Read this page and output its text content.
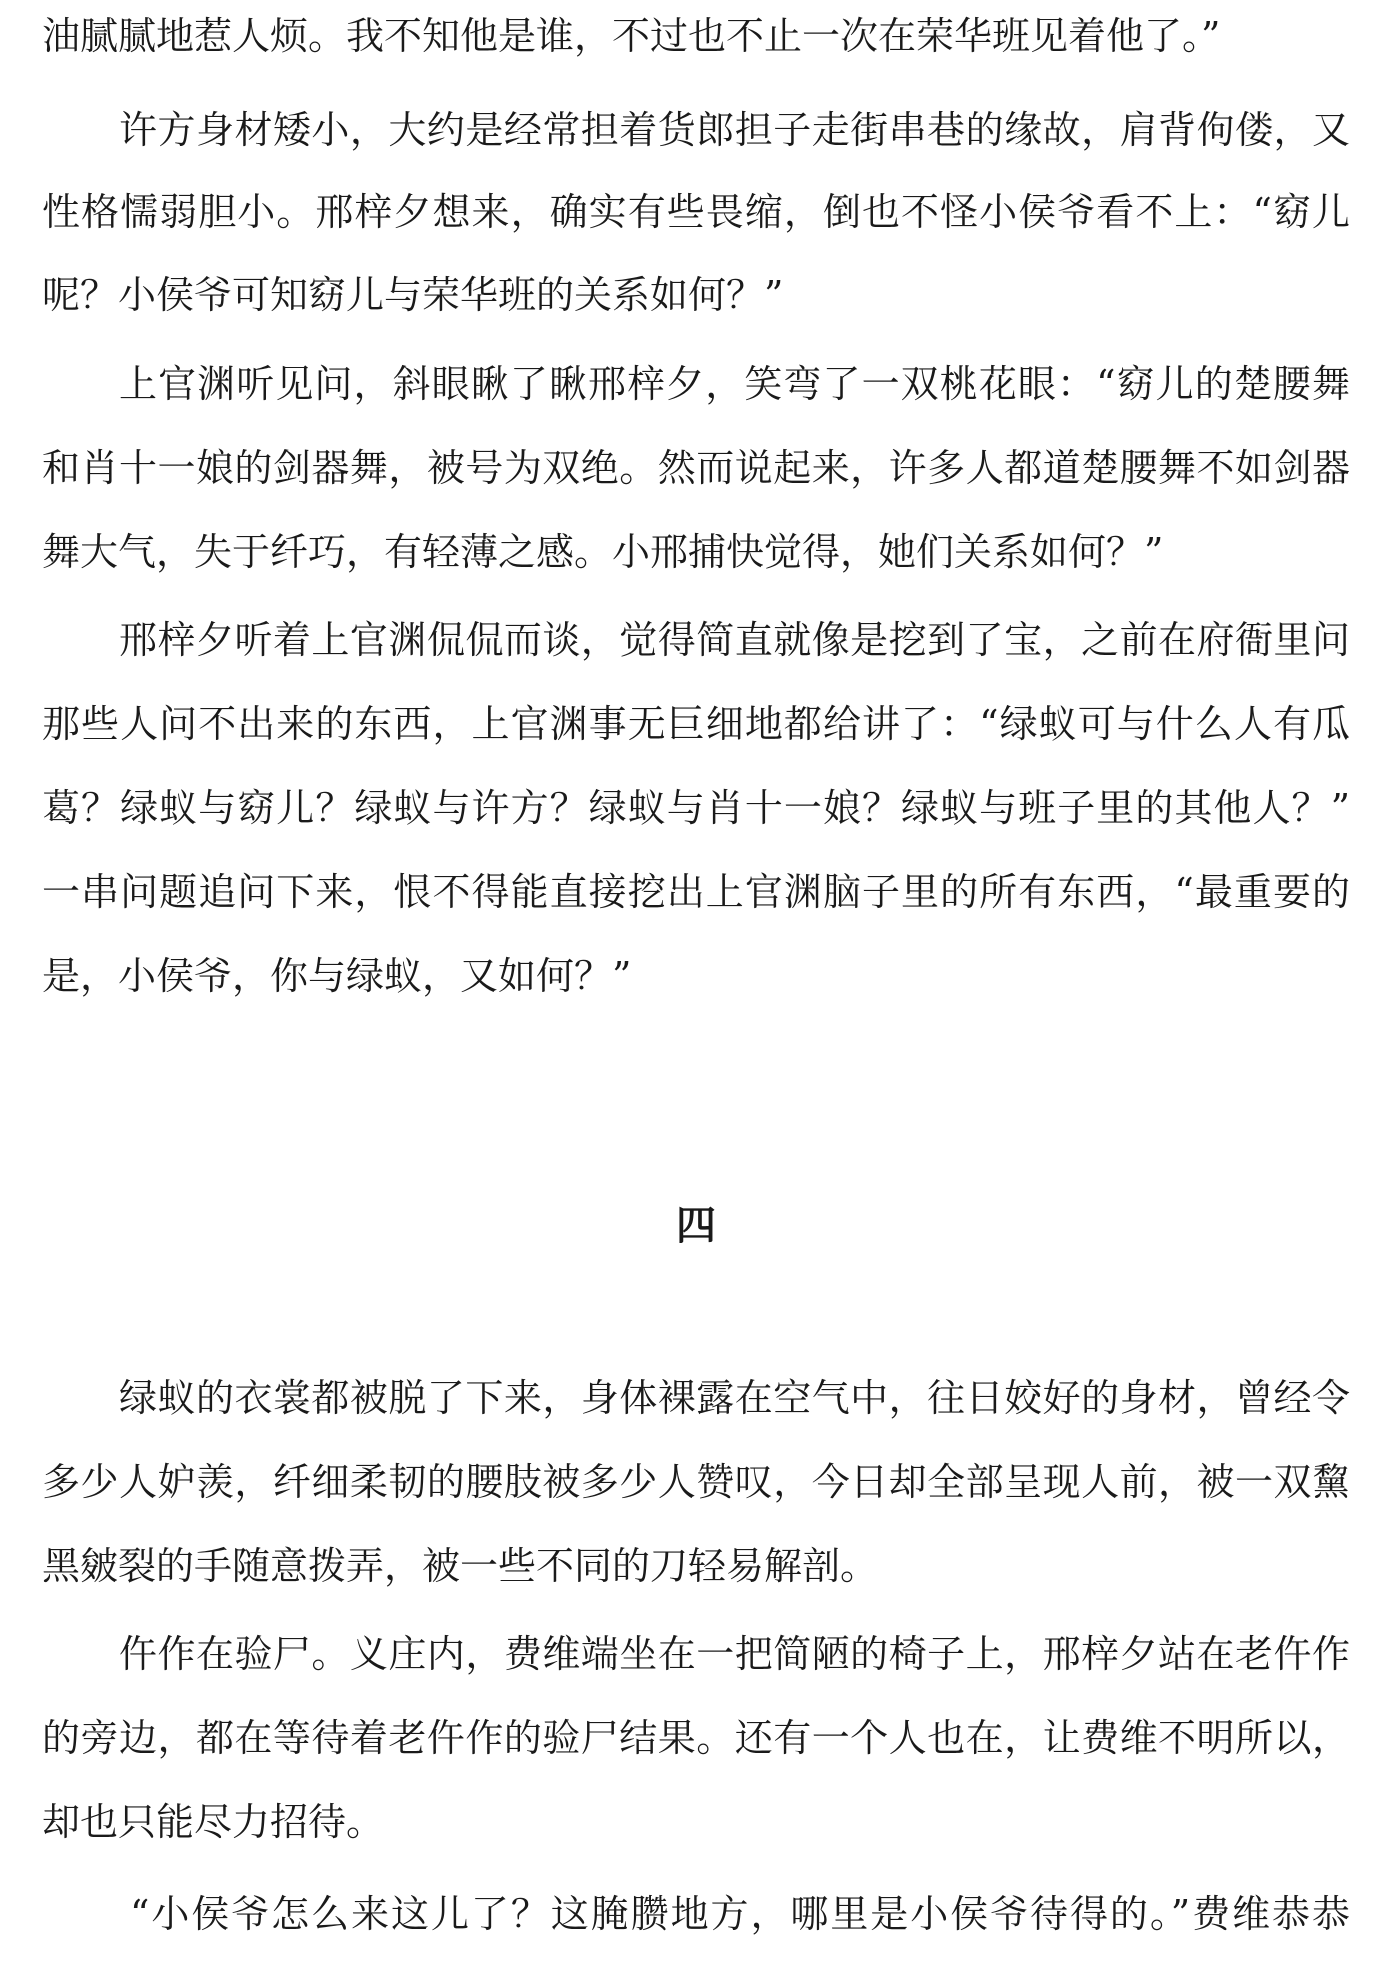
油腻腻地惹人烦。我不知他是谁，不过也不止一次在荣华班见着他了。”
许方身材矮小，大约是经常担着货郎担子走街串巷的缘故，肩背佝偻，又
性格懦弱胆小。邢梓夕想来，确实有些畏缩，倒也不怪小侯爷看不上：“窈儿
呢？小侯爷可知窈儿与荣华班的关系如何？”
上官渊听见问，斜眼瞅了瞅邢梓夕，笑弯了一双桃花眼：“窈儿的楚腰舞
和肖十一娘的剑器舞，被号为双绝。然而说起来，许多人都道楚腰舞不如剑器
舞大气，失于纤巧，有轻薄之感。小邢捕快觉得，她们关系如何？”
邢梓夕听着上官渊侃侃而谈，觉得简直就像是挖到了宝，之前在府衙里问
那些人问不出来的东西，上官渊事无巨细地都给讲了：“绿蚁可与什么人有瓜
葛？绿蚁与窈儿？绿蚁与许方？绿蚁与肖十一娘？绿蚁与班子里的其他人？”
一串问题追问下来，恨不得能直接挖出上官渊脑子里的所有东西，“最重要的
是，小侯爷，你与绿蚁，又如何？”
四
绿蚁的衣裳都被脱了下来，身体裸露在空气中，往日姣好的身材，曾经令
多少人妒羡，纤细柔韧的腰肢被多少人赞叹，今日却全部呈现人前，被一双黧
黑皴裂的手随意拨弄，被一些不同的刀轻易解剖。
仵作在验尸。义庄内，费维端坐在一把简陋的椅子上，邢梓夕站在老仵作
的旁边，都在等待着老仵作的验尸结果。还有一个人也在，让费维不明所以，
却也只能尽力招待。
“小侯爷怎么来这儿了？这腌臜地方，哪里是小侯爷待得的。”费维恭恭
